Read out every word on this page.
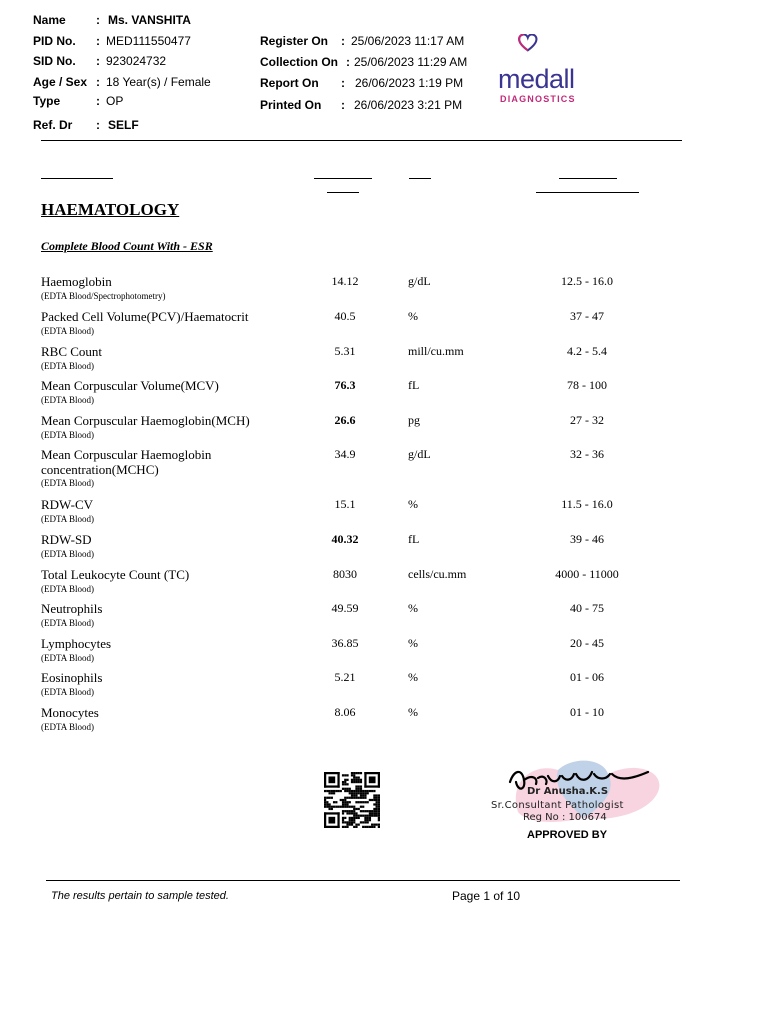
Name	: Ms. VANSHITA
PID No. : MED111550477
SID No. : 923024732
Age / Sex : 18 Year(s) / Female
Type	: OP
Ref. Dr : SELF
Register On : 25/06/2023 11:17 AM
Collection On : 25/06/2023 11:29 AM
Report On : 26/06/2023 1:19 PM
Printed On : 26/06/2023 3:21 PM
medall
DIAGNOSTICS
HAEMATOLOGY
Complete Blood Count With - ESR
Haemoglobin
(EDTA Blood/Spectrophotometry)
14.12	g/dL	12.5 - 16.0
Packed Cell Volume(PCV)/Haematocrit
(EDTA Blood)
40.5	%	37 - 47
RBC Count
(EDTA Blood)
5.31	mill/cu.mm	4.2 - 5.4
Mean Corpuscular Volume(MCV)
(EDTA Blood)
76.3	fL	78 - 100
Mean Corpuscular Haemoglobin(MCH)
(EDTA Blood)
26.6	pg	27 - 32
Mean Corpuscular Haemoglobin concentration(MCHC)
(EDTA Blood)
34.9	g/dL	32 - 36
RDW-CV
(EDTA Blood)
15.1	%	11.5 - 16.0
RDW-SD
(EDTA Blood)
40.32	fL	39 - 46
Total Leukocyte Count (TC)
(EDTA Blood)
8030	cells/cu.mm	4000 - 11000
Neutrophils
(EDTA Blood)
49.59	%	40 - 75
Lymphocytes
(EDTA Blood)
36.85	%	20 - 45
Eosinophils
(EDTA Blood)
5.21	%	01 - 06
Monocytes
(EDTA Blood)
8.06	%	01 - 10
Dr Anusha.K.S
Sr.Consultant Pathologist
Reg No : 100674
APPROVED BY
The results pertain to sample tested.	Page 1 of 10
